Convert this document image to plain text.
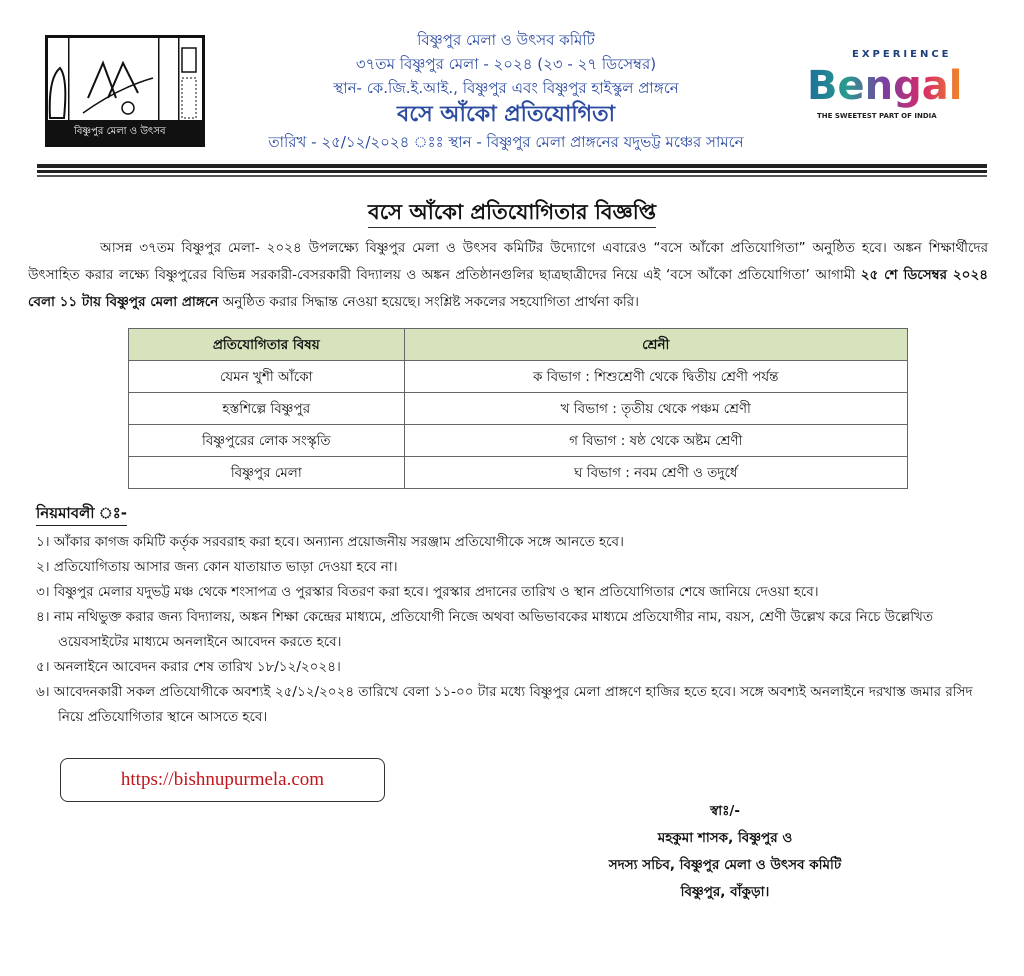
বিষ্ণুপুর মেলা ও উৎসব
বিষ্ণুপুর মেলা ও উৎসব কমিটি
৩৭তম বিষ্ণুপুর মেলা - ২০২৪ (২৩ - ২৭ ডিসেম্বর)
স্থান- কে.জি.ই.আই., বিষ্ণুপুর এবং বিষ্ণুপুর হাইস্কুল প্রাঙ্গনে
বসে আঁকো প্রতিযোগিতা
তারিখ - ২৫/১২/২০২৪ ঃঃ স্থান - বিষ্ণুপুর মেলা প্রাঙ্গনের যদুভট্ট মঞ্চের সামনে
EXPERIENCE
Bengal
THE SWEETEST PART OF INDIA
বসে আঁকো প্রতিযোগিতার বিজ্ঞপ্তি

আসন্ন ৩৭তম বিষ্ণুপুর মেলা- ২০২৪ উপলক্ষ্যে বিষ্ণুপুর মেলা ও উৎসব কমিটির উদ্যোগে এবারেও “বসে আঁকো প্রতিযোগিতা” অনুষ্ঠিত হবে। অঙ্কন শিক্ষার্থীদের উৎসাহিত করার লক্ষ্যে বিষ্ণুপুরের বিভিন্ন সরকারী-বেসরকারী বিদ্যালয় ও অঙ্কন প্রতিষ্ঠানগুলির ছাত্রছাত্রীদের নিয়ে এই ‘বসে আঁকো প্রতিযোগিতা’ আগামী ২৫ শে ডিসেম্বর ২০২৪ বেলা ১১ টায় বিষ্ণুপুর মেলা প্রাঙ্গনে অনুষ্ঠিত করার সিদ্ধান্ত নেওয়া হয়েছে। সংশ্লিষ্ট সকলের সহযোগিতা প্রার্থনা করি।

প্রতিযোগিতার বিষয়	শ্রেনী
যেমন খুশী আঁকো	ক বিভাগ : শিশুশ্রেণী থেকে দ্বিতীয় শ্রেণী পর্যন্ত
হস্তশিল্পে বিষ্ণুপুর	খ বিভাগ : তৃতীয় থেকে পঞ্চম শ্রেণী
বিষ্ণুপুরের লোক সংস্কৃতি	গ বিভাগ : ষষ্ঠ থেকে অষ্টম শ্রেণী
বিষ্ণুপুর মেলা	ঘ বিভাগ : নবম শ্রেণী ও তদুর্ধে
নিয়মাবলী ঃ-
১। আঁকার কাগজ কমিটি কর্তৃক সরবরাহ করা হবে। অন্যান্য প্রয়োজনীয় সরঞ্জাম প্রতিযোগীকে সঙ্গে আনতে হবে।
২। প্রতিযোগিতায় আসার জন্য কোন যাতায়াত ভাড়া দেওয়া হবে না।
৩। বিষ্ণুপুর মেলার যদুভট্ট মঞ্চ থেকে শংসাপত্র ও পুরস্কার বিতরণ করা হবে। পুরস্কার প্রদানের তারিখ ও স্থান প্রতিযোগিতার শেষে জানিয়ে দেওয়া হবে।
৪। নাম নথিভুক্ত করার জন্য বিদ্যালয়, অঙ্কন শিক্ষা কেন্দ্রের মাধ্যমে, প্রতিযোগী নিজে অথবা অভিভাবকের মাধ্যমে প্রতিযোগীর নাম, বয়স, শ্রেণী উল্লেখ করে নিচে উল্লেখিত ওয়েবসাইটের মাধ্যমে অনলাইনে আবেদন করতে হবে।
৫। অনলাইনে আবেদন করার শেষ তারিখ ১৮/১২/২০২৪।
৬। আবেদনকারী সকল প্রতিযোগীকে অবশ্যই ২৫/১২/২০২৪ তারিখে বেলা ১১-০০ টার মধ্যে বিষ্ণুপুর মেলা প্রাঙ্গণে হাজির হতে হবে। সঙ্গে অবশ্যই অনলাইনে দরখাস্ত জমার রসিদ নিয়ে প্রতিযোগিতার স্থানে আসতে হবে।
https://bishnupurmela.com
স্বাঃ/-
মহকুমা শাসক, বিষ্ণুপুর ও
সদস্য সচিব, বিষ্ণুপুর মেলা ও উৎসব কমিটি
বিষ্ণুপুর, বাঁকুড়া।
